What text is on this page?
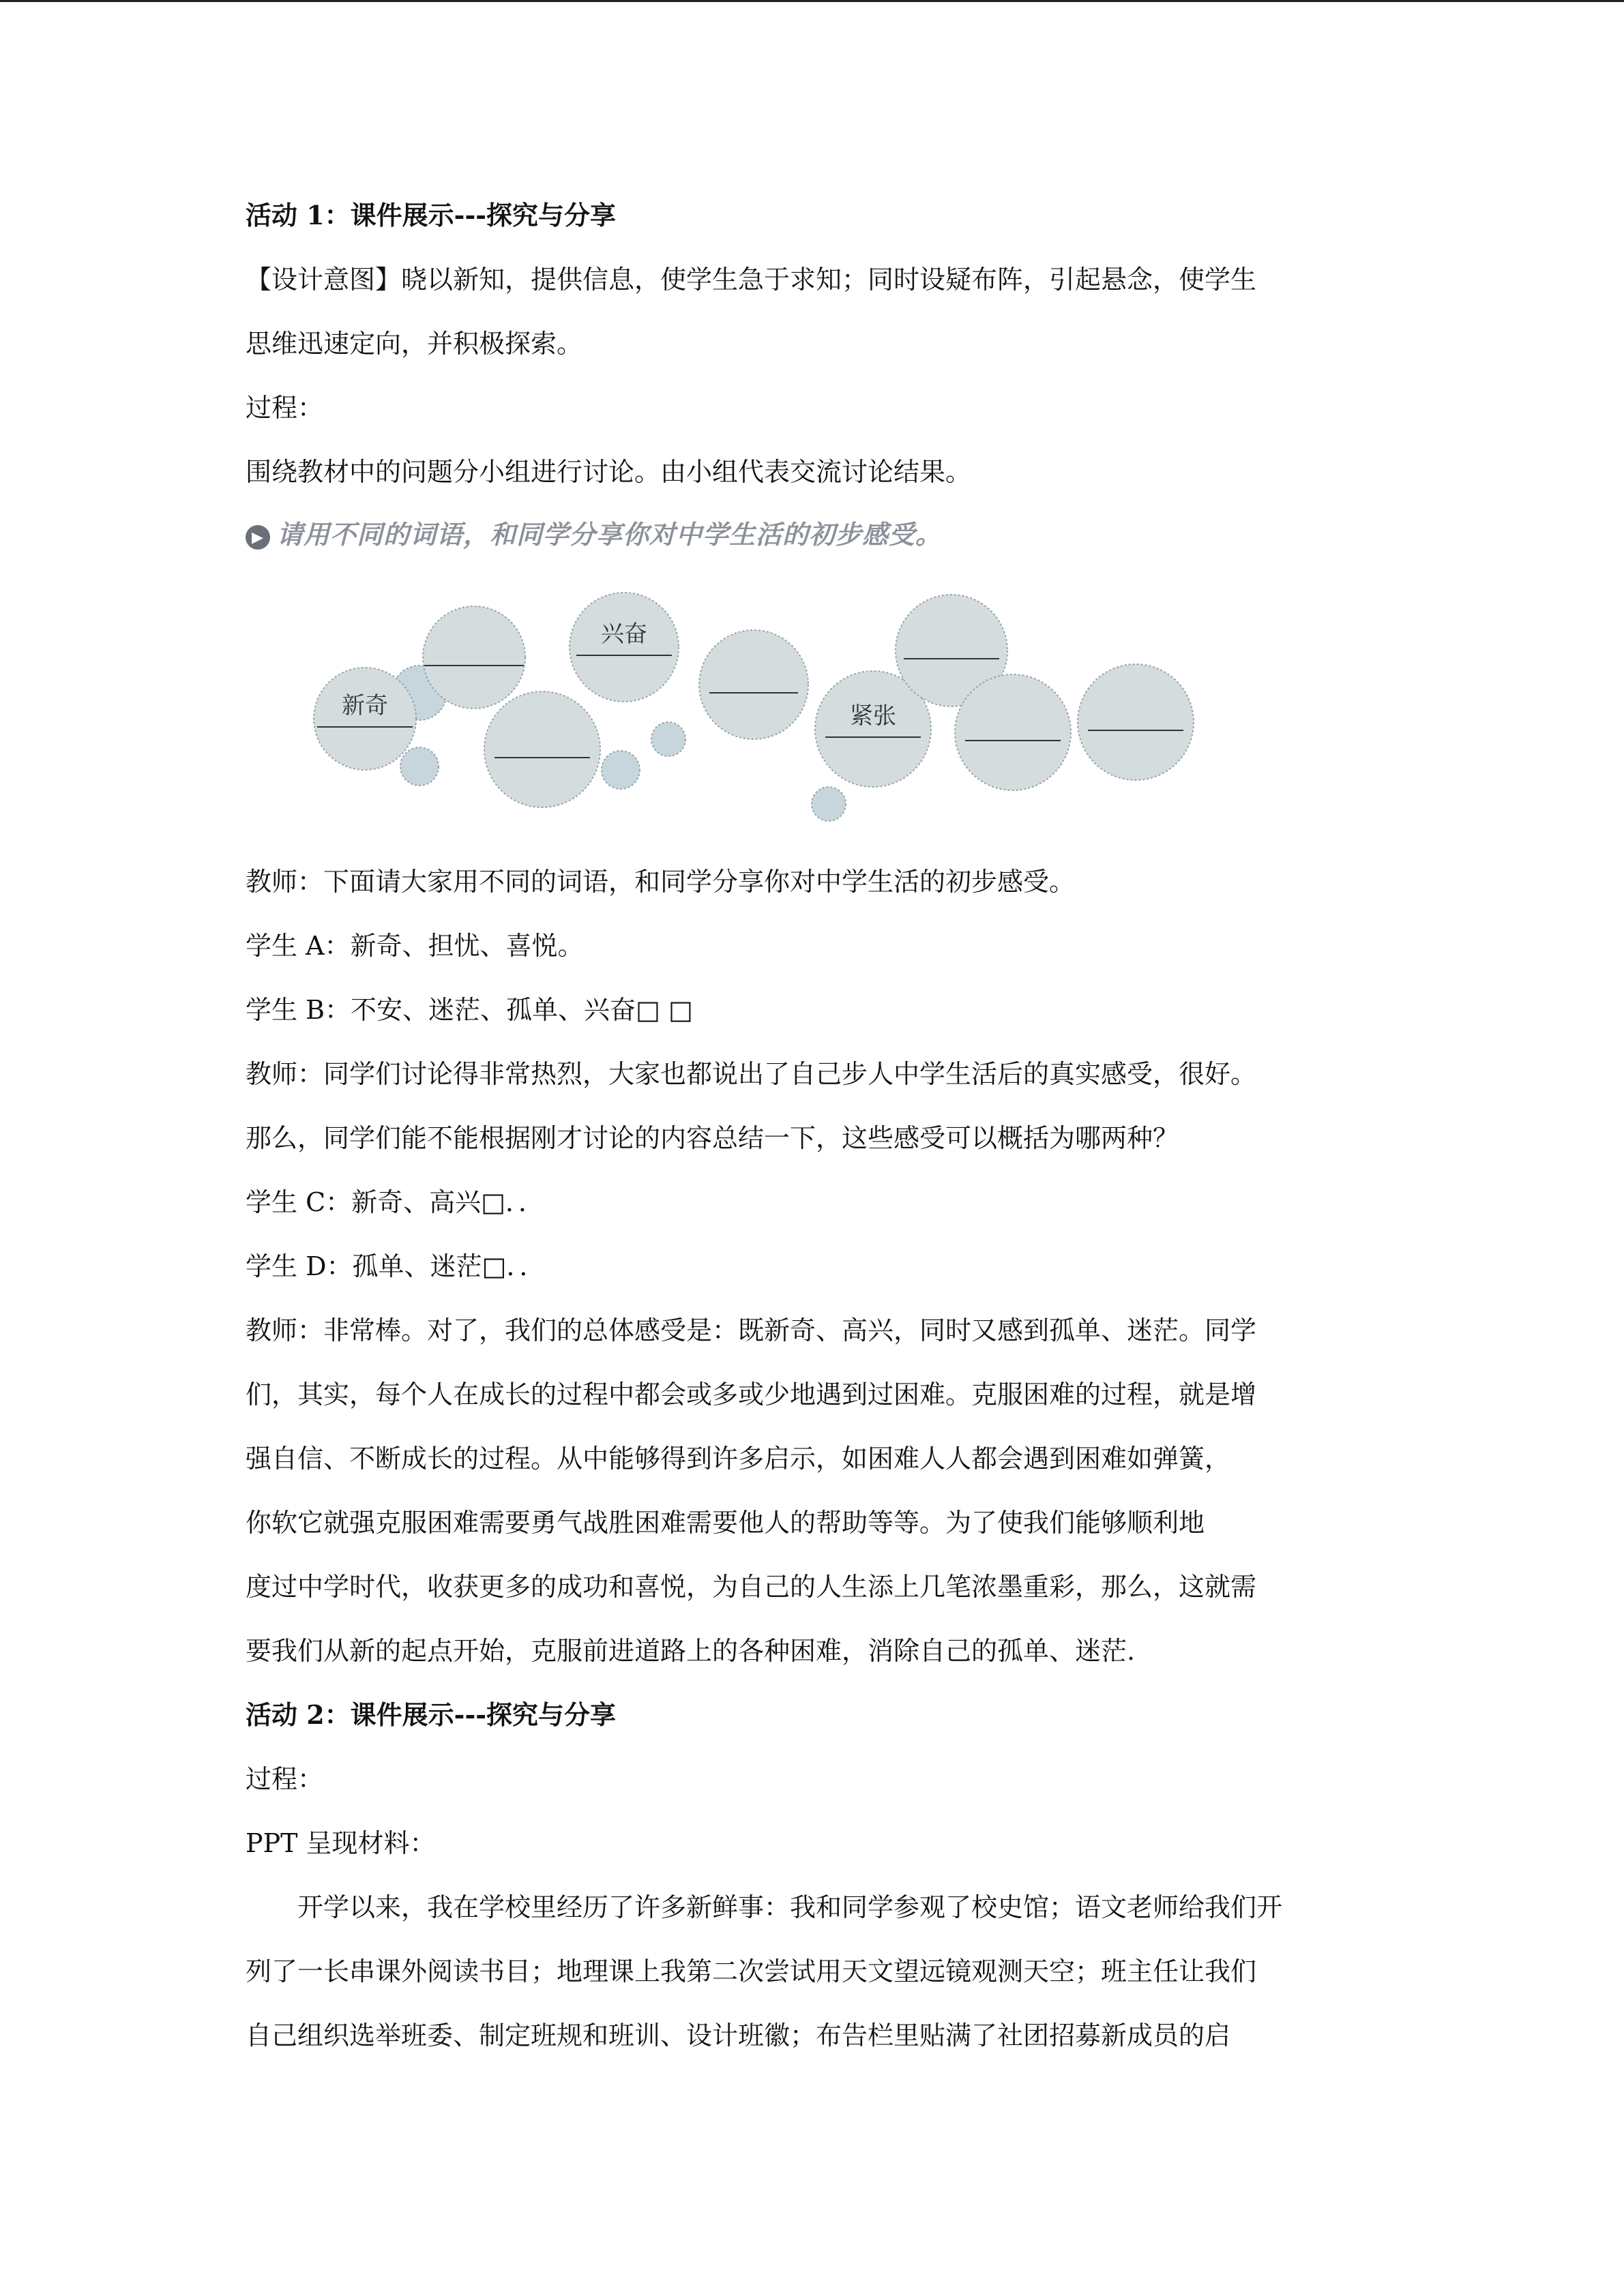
活动 1：课件展示---探究与分享
【设计意图】晓以新知，提供信息，使学生急于求知；同时设疑布阵，引起悬念，使学生
思维迅速定向，并积极探索。
过程：
围绕教材中的问题分小组进行讨论。由小组代表交流讨论结果。
▶ 请用不同的词语，和同学分享你对中学生活的初步感受。
新奇
兴奋
紧张
教师：下面请大家用不同的词语，和同学分享你对中学生活的初步感受。
学生 A：新奇、担忧、喜悦。
学生 B：不安、迷茫、孤单、兴奋□ □
教师：同学们讨论得非常热烈，大家也都说出了自己步人中学生活后的真实感受，很好。
那么，同学们能不能根据刚才讨论的内容总结一下，这些感受可以概括为哪两种？
学生 C：新奇、高兴□．．
学生 D：孤单、迷茫□．．
教师：非常棒。对了，我们的总体感受是：既新奇、高兴，同时又感到孤单、迷茫。同学
们，其实，每个人在成长的过程中都会或多或少地遇到过困难。克服困难的过程，就是增
强自信、不断成长的过程。从中能够得到许多启示，如困难人人都会遇到困难如弹簧，
你软它就强克服困难需要勇气战胜困难需要他人的帮助等等。为了使我们能够顺利地
度过中学时代，收获更多的成功和喜悦，为自己的人生添上几笔浓墨重彩，那么，这就需
要我们从新的起点开始，克服前进道路上的各种困难，消除自己的孤单、迷茫.
活动 2：课件展示---探究与分享
过程：
PPT 呈现材料：
开学以来，我在学校里经历了许多新鲜事：我和同学参观了校史馆；语文老师给我们开
列了一长串课外阅读书目；地理课上我第二次尝试用天文望远镜观测天空；班主任让我们
自己组织选举班委、制定班规和班训、设计班徽；布告栏里贴满了社团招募新成员的启
